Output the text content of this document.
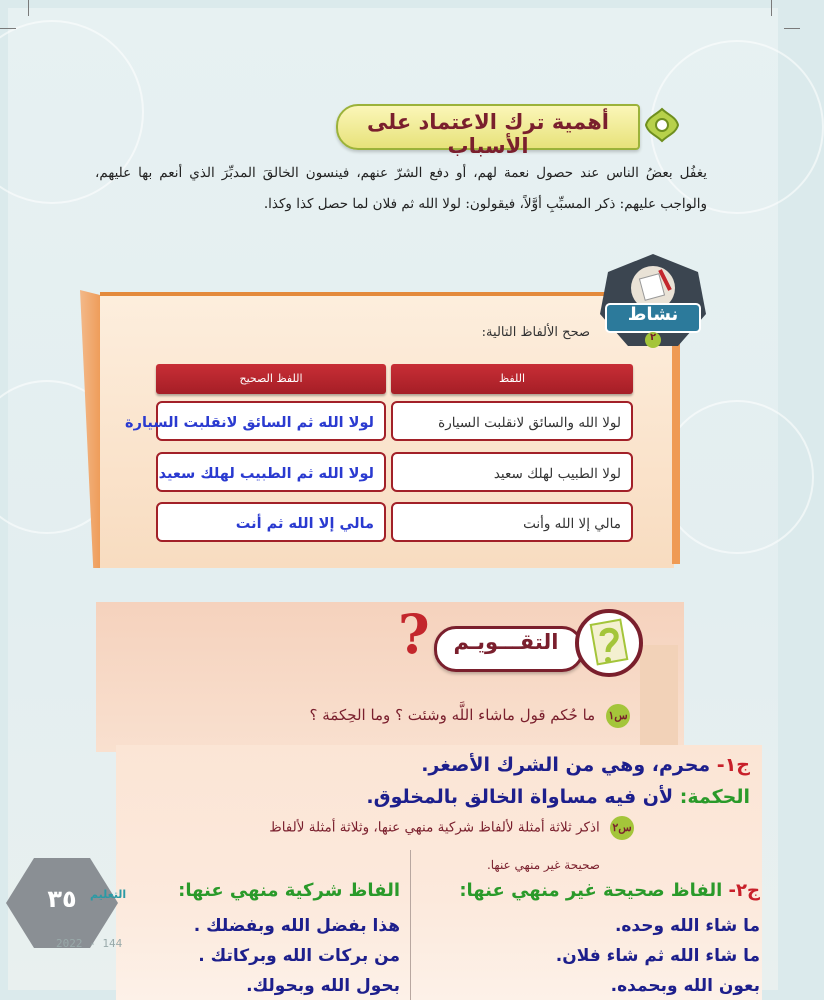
أهمية ترك الاعتماد على الأسباب
يغفُل بعضُ الناس عند حصول نعمة لهم، أو دفع الشرّ عنهم، فينسون الخالقَ المدبِّرَ الذي أنعم بها عليهم، والواجب عليهم: ذكر المسبِّبِ أوَّلاً، فيقولون: لولا الله ثم فلان لما حصل كذا وكذا.
نشاط
٢
صحح الألفاظ التالية:
اللفظ الصحيح	اللفظ
لولا الله ثم السائق لانقلبت السيارة	لولا الله والسائق لانقلبت السيارة
لولا الله ثم الطبيب لهلك سعيد	لولا الطبيب لهلك سعيد
مالي إلا الله ثم أنت	مالي إلا الله وأنت
?	التقـــويـم
س١ ما حُكم قول ماشاء اللَّه وشئت ؟ وما الحِكمَة ؟
ج١- محرم، وهي من الشرك الأصغر.
الحكمة: لأن فيه مساواة الخالق بالمخلوق.
س٢ اذكر ثلاثة أمثلة لألفاظ شركية منهي عنها، وثلاثة أمثلة لألفاظ
صحيحة غير منهي عنها.
ج٢- الفاظ صحيحة غير منهي عنها:
ما شاء الله وحده.
ما شاء الله ثم شاء فلان.
بعون الله وبحمده.
الفاظ شركية منهي عنها:
هذا بفضل الله وبفضلك .
من بركات الله وبركاتك .
بحول الله وبحولك.
٣٥	التعليم
2022 - 144
